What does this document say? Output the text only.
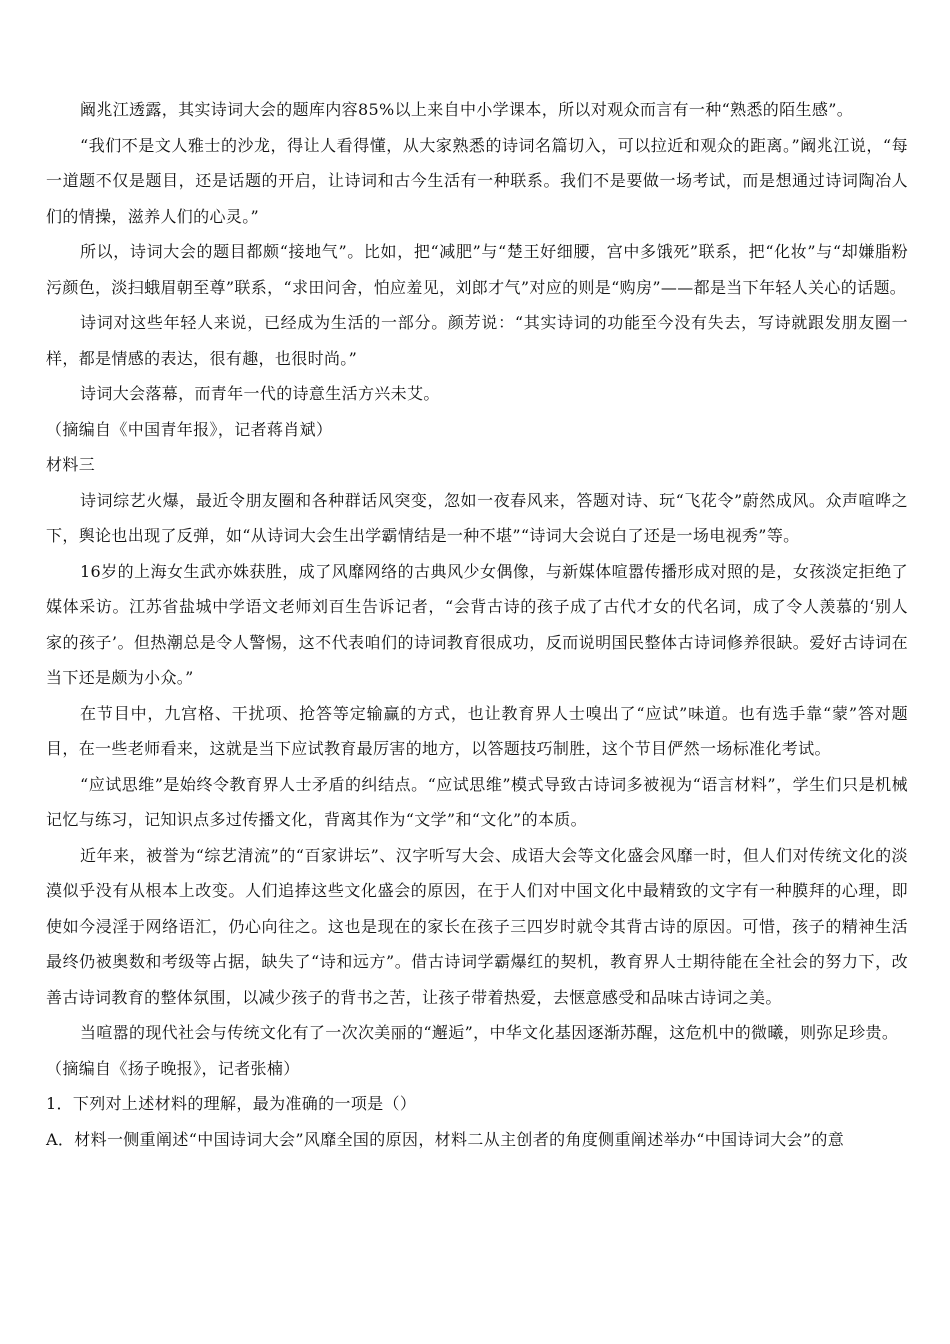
阚兆江透露，其实诗词大会的题库内容85%以上来自中小学课本，所以对观众而言有一种“熟悉的陌生感”。

“我们不是文人雅士的沙龙，得让人看得懂，从大家熟悉的诗词名篇切入，可以拉近和观众的距离。”阚兆江说，“每一道题不仅是题目，还是话题的开启，让诗词和古今生活有一种联系。我们不是要做一场考试，而是想通过诗词陶冶人们的情操，滋养人们的心灵。”

所以，诗词大会的题目都颇“接地气”。比如，把“减肥”与“楚王好细腰，宫中多饿死”联系，把“化妆”与“却嫌脂粉污颜色，淡扫蛾眉朝至尊”联系，“求田问舍，怕应羞见，刘郎才气”对应的则是“购房”——都是当下年轻人关心的话题。

诗词对这些年轻人来说，已经成为生活的一部分。颜芳说：“其实诗词的功能至今没有失去，写诗就跟发朋友圈一样，都是情感的表达，很有趣，也很时尚。”

诗词大会落幕，而青年一代的诗意生活方兴未艾。

（摘编自《中国青年报》，记者蒋肖斌）

材料三

诗词综艺火爆，最近令朋友圈和各种群话风突变，忽如一夜春风来，答题对诗、玩“飞花令”蔚然成风。众声喧哗之下，舆论也出现了反弹，如“从诗词大会生出学霸情结是一种不堪”“诗词大会说白了还是一场电视秀”等。

16岁的上海女生武亦姝获胜，成了风靡网络的古典风少女偶像，与新媒体喧嚣传播形成对照的是，女孩淡定拒绝了媒体采访。江苏省盐城中学语文老师刘百生告诉记者，“会背古诗的孩子成了古代才女的代名词，成了令人羡慕的‘别人家的孩子’。但热潮总是令人警惕，这不代表咱们的诗词教育很成功，反而说明国民整体古诗词修养很缺。爱好古诗词在当下还是颇为小众。”

在节目中，九宫格、干扰项、抢答等定输赢的方式，也让教育界人士嗅出了“应试”味道。也有选手靠“蒙”答对题目，在一些老师看来，这就是当下应试教育最厉害的地方，以答题技巧制胜，这个节目俨然一场标准化考试。

“应试思维”是始终令教育界人士矛盾的纠结点。“应试思维”模式导致古诗词多被视为“语言材料”，学生们只是机械记忆与练习，记知识点多过传播文化，背离其作为“文学”和“文化”的本质。

近年来，被誉为“综艺清流”的“百家讲坛”、汉字听写大会、成语大会等文化盛会风靡一时，但人们对传统文化的淡漠似乎没有从根本上改变。人们追捧这些文化盛会的原因，在于人们对中国文化中最精致的文字有一种膜拜的心理，即使如今浸淫于网络语汇，仍心向往之。这也是现在的家长在孩子三四岁时就令其背古诗的原因。可惜，孩子的精神生活最终仍被奥数和考级等占据，缺失了“诗和远方”。借古诗词学霸爆红的契机，教育界人士期待能在全社会的努力下，改善古诗词教育的整体氛围，以减少孩子的背书之苦，让孩子带着热爱，去惬意感受和品味古诗词之美。

当喧嚣的现代社会与传统文化有了一次次美丽的“邂逅”，中华文化基因逐渐苏醒，这危机中的微曦，则弥足珍贵。

（摘编自《扬子晚报》，记者张楠）

1．下列对上述材料的理解，最为准确的一项是（）

A．材料一侧重阐述“中国诗词大会”风靡全国的原因，材料二从主创者的角度侧重阐述举办“中国诗词大会”的意
